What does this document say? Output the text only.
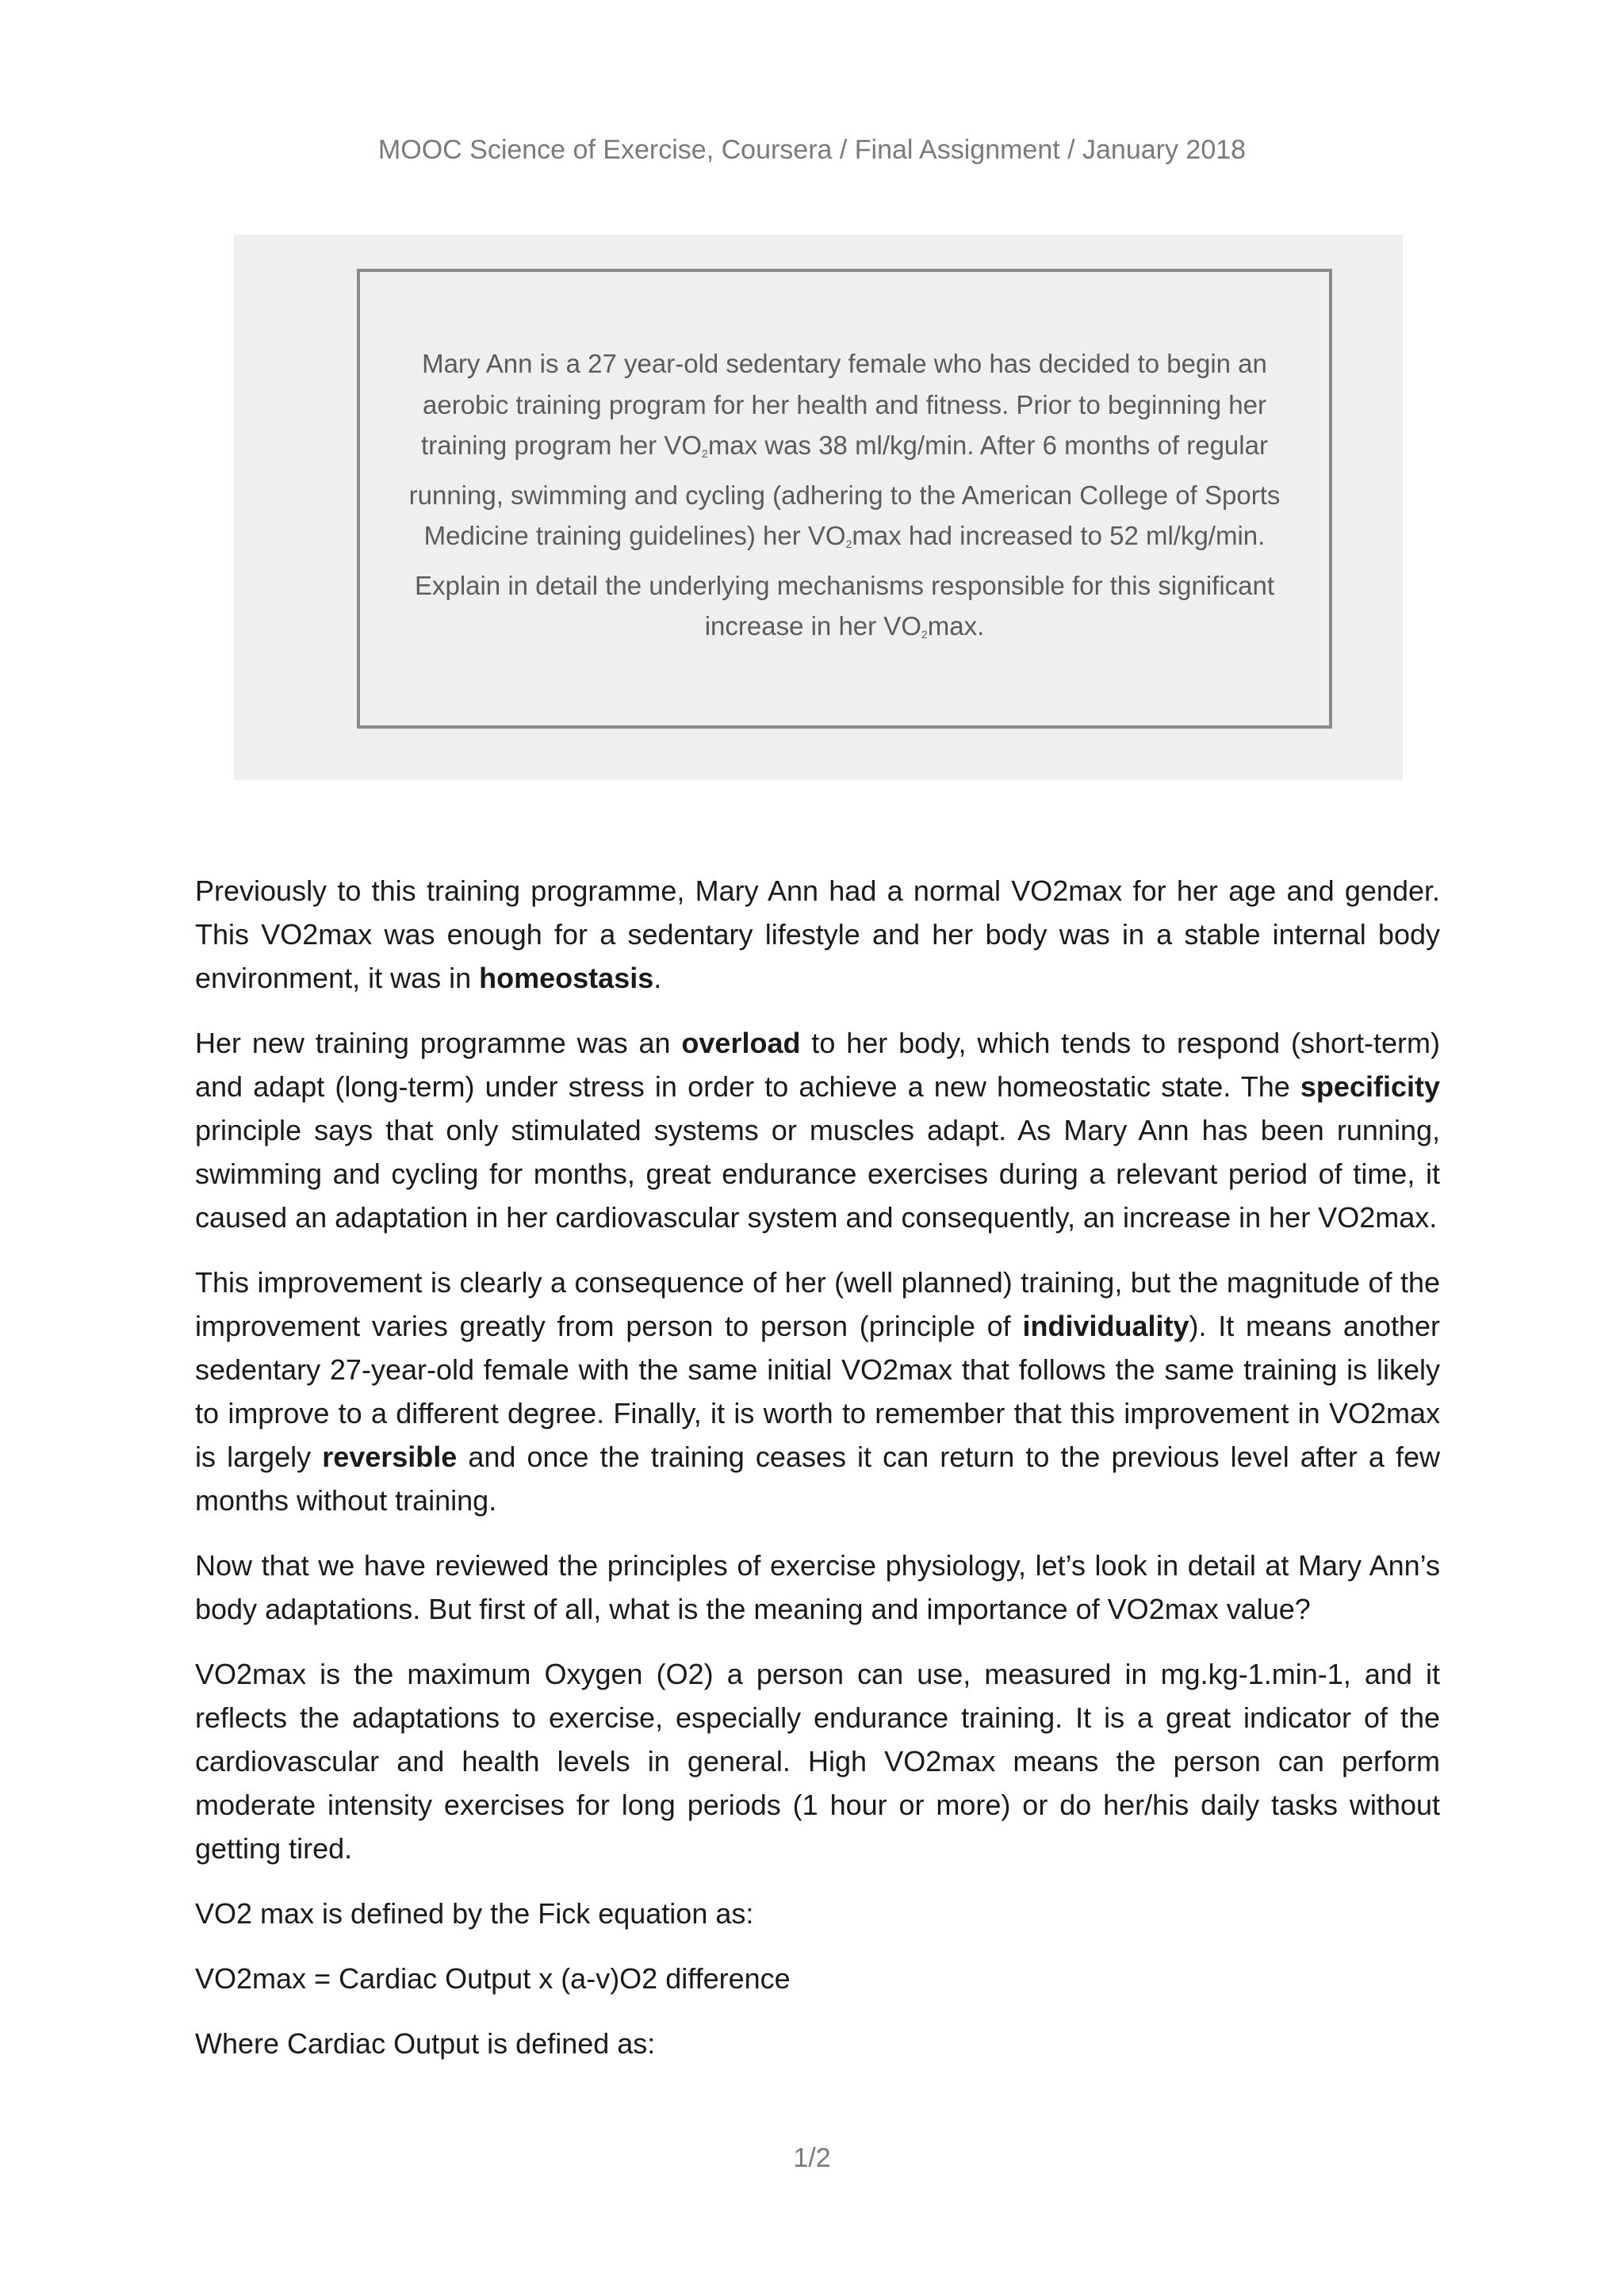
MOOC Science of Exercise, Coursera / Final Assignment / January 2018
Mary Ann is a 27 year-old sedentary female who has decided to begin an
aerobic training program for her health and fitness. Prior to beginning her
training program her $VO_2\max$ was 38 ml/kg/min. After 6 months of regular
running, swimming and cycling (adhering to the American College of Sports
Medicine training guidelines) her $VO_2\max$ had increased to 52 ml/kg/min.
Explain in detail the underlying mechanisms responsible for this significant
increase in her $VO_2\max$.

Previously to this training programme, Mary Ann had a normal VO2max for her age and gender. This VO2max was enough for a sedentary lifestyle and her body was in a stable internal body environment, it was in homeostasis.

Her new training programme was an overload to her body, which tends to respond (short-term) and adapt (long-term) under stress in order to achieve a new homeostatic state. The specificity principle says that only stimulated systems or muscles adapt. As Mary Ann has been running, swimming and cycling for months, great endurance exercises during a relevant period of time, it caused an adaptation in her cardiovascular system and consequently, an increase in her VO2max.

This improvement is clearly a consequence of her (well planned) training, but the magnitude of the improvement varies greatly from person to person (principle of individuality). It means another sedentary 27-year-old female with the same initial VO2max that follows the same training is likely to improve to a different degree. Finally, it is worth to remember that this improvement in VO2max is largely reversible and once the training ceases it can return to the previous level after a few months without training.

Now that we have reviewed the principles of exercise physiology, let’s look in detail at Mary Ann’s body adaptations. But first of all, what is the meaning and importance of VO2max value?

VO2max is the maximum Oxygen (O2) a person can use, measured in mg.kg-1.min-1, and it reflects the adaptations to exercise, especially endurance training. It is a great indicator of the cardiovascular and health levels in general. High VO2max means the person can perform moderate intensity exercises for long periods (1 hour or more) or do her/his daily tasks without getting tired.

VO2 max is defined by the Fick equation as:

VO2max = Cardiac Output x (a-v)O2 difference

Where Cardiac Output is defined as:

1/2
